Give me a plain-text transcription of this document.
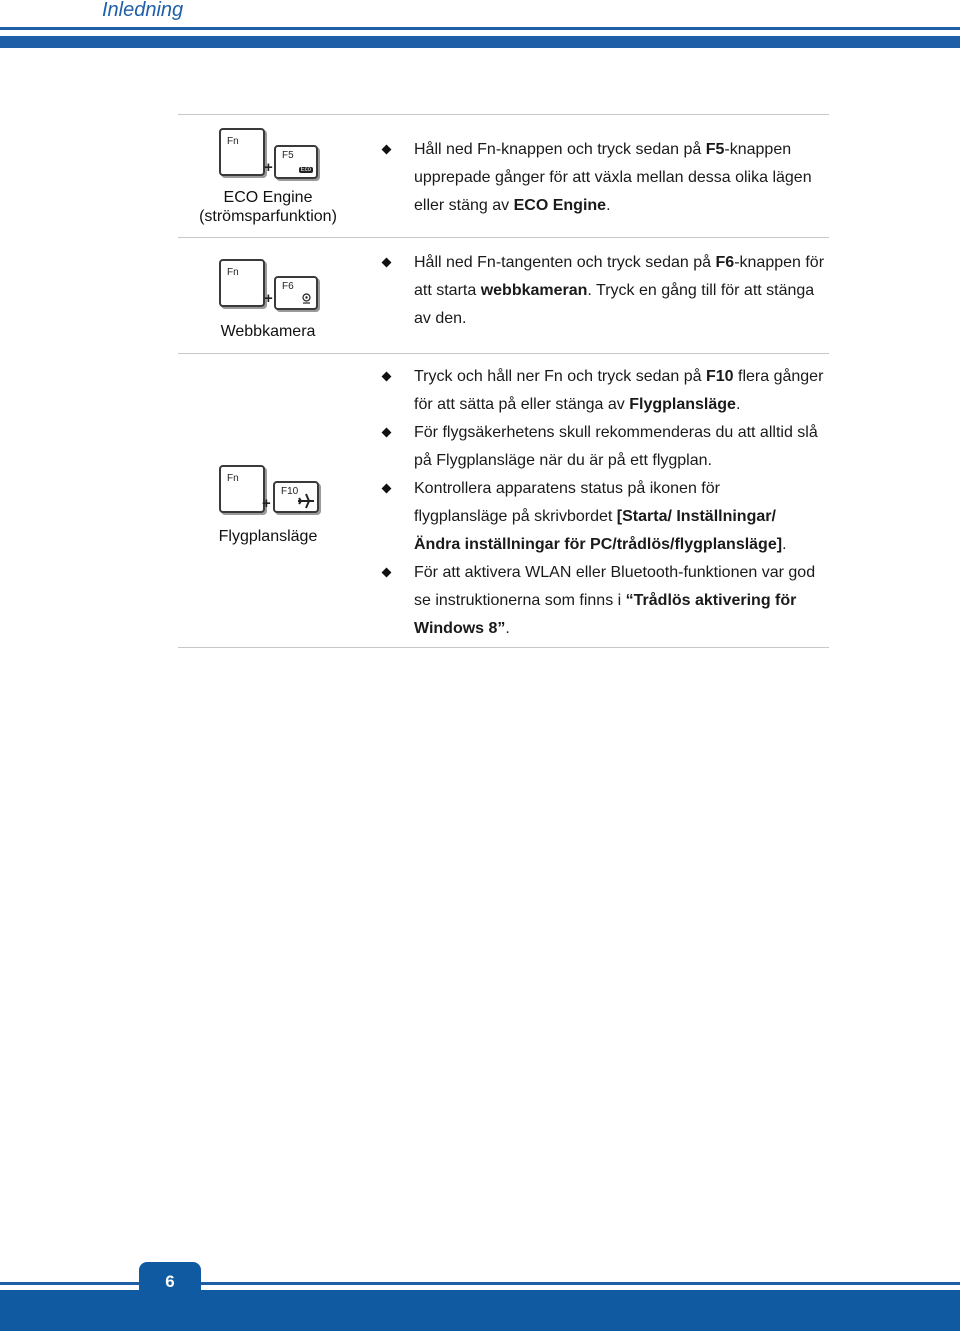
Inledning
Fn
+
F5
Eco
ECO Engine
(strömsparfunktion)
Fn
+
F6
Webbkamera
Fn
+
F10
Flygplansläge
Håll ned Fn-knappen och tryck sedan på F5-knappen upprepade gånger för att växla mellan dessa olika lägen eller stäng av ECO Engine.
Håll ned Fn-tangenten och tryck sedan på F6-knappen för att starta webbkameran. Tryck en gång till för att stänga av den.
Tryck och håll ner Fn och tryck sedan på F10 flera gånger för att sätta på eller stänga av Flygplansläge.
För flygsäkerhetens skull rekommenderas du att alltid slå på Flygplansläge när du är på ett flygplan.
Kontrollera apparatens status på ikonen för flygplansläge på skrivbordet [Starta/ Inställningar/ Ändra inställningar för PC/trådlös/flygplansläge].
För att aktivera WLAN eller Bluetooth-funktionen var god se instruktionerna som finns i “Trådlös aktivering för Windows 8”.
6
